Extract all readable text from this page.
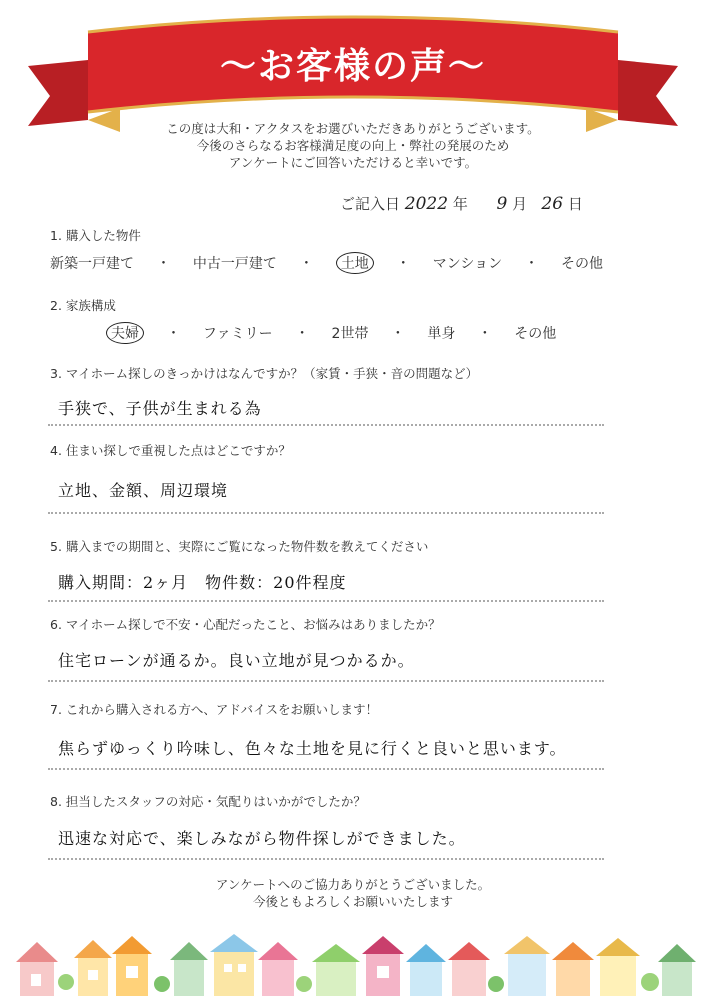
〜お客様の声〜
この度は大和・アクタスをお選びいただきありがとうございます。
今後のさらなるお客様満足度の向上・弊社の発展のため
アンケートにご回答いただけると幸いです。
ご記入日 2022 年 9 月 26 日
1. 購入した物件
新築一戸建て ・ 中古一戸建て ・ 土地 ・ マンション ・ その他
2. 家族構成
夫婦 ・ ファミリー ・ 2世帯 ・ 単身 ・ その他
3. マイホーム探しのきっかけはなんですか？（家賃・手狭・音の問題など）
手狭で、子供が生まれる為
4. 住まい探しで重視した点はどこですか？
立地、金額、周辺環境
5. 購入までの期間と、実際にご覧になった物件数を教えてください
購入期間：2ヶ月　物件数：20件程度
6. マイホーム探しで不安・心配だったこと、お悩みはありましたか？
住宅ローンが通るか。良い立地が見つかるか。
7. これから購入される方へ、アドバイスをお願いします！
焦らずゆっくり吟味し、色々な土地を見に行くと良いと思います。
8. 担当したスタッフの対応・気配りはいかがでしたか？
迅速な対応で、楽しみながら物件探しができました。
アンケートへのご協力ありがとうございました。
今後ともよろしくお願いいたします
